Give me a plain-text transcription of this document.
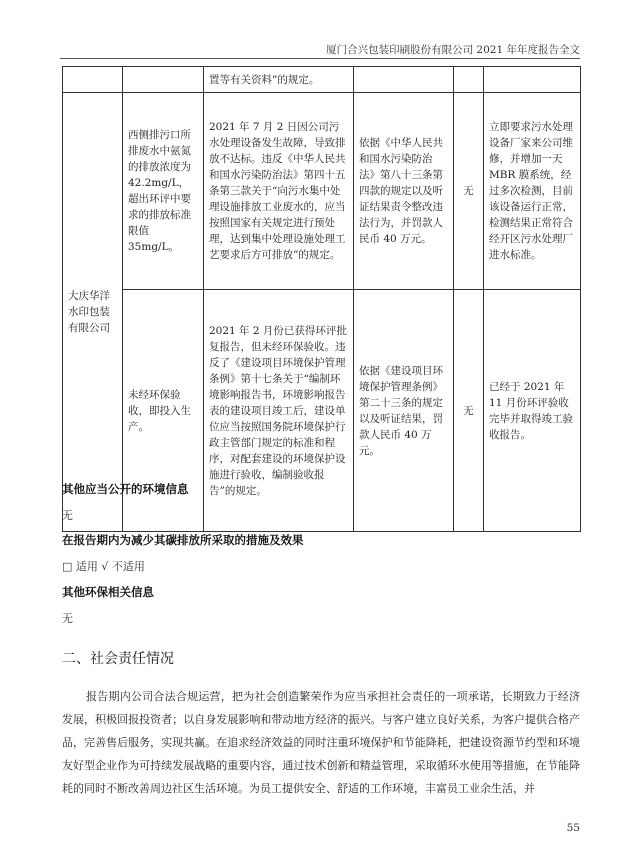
厦门合兴包装印刷股份有限公司 2021 年年度报告全文
		置等有关资料”的规定。			
大庆华洋水印包装有限公司	西侧排污口所排废水中氨氮的排放浓度为42.2mg/L，超出环评中要求的排放标准限值35mg/L。	2021 年 7 月 2 日因公司污水处理设备发生故障，导致排放不达标。违反《中华人民共和国水污染防治法》第四十五条第三款关于“向污水集中处理设施排放工业废水的，应当按照国家有关规定进行预处理，达到集中处理设施处理工艺要求后方可排放”的规定。	依据《中华人民共和国水污染防治法》第八十三条第四款的规定以及听证结果责令整改违法行为，并罚款人民币 40 万元。	无	立即要求污水处理设备厂家来公司维修，并增加一天 MBR 膜系统，经过多次检测，目前该设备运行正常，检测结果正常符合经开区污水处理厂进水标准。
	未经环保验收，即投入生产。	2021 年 2 月份已获得环评批复报告，但未经环保验收。违反了《建设项目环境保护管理条例》第十七条关于“编制环境影响报告书，环境影响报告表的建设项目竣工后，建设单位应当按照国务院环境保护行政主管部门规定的标准和程序，对配套建设的环境保护设施进行验收，编制验收报告”的规定。	依据《建设项目环境保护管理条例》第二十三条的规定以及听证结果，罚款人民币 40 万元。	无	已经于 2021 年 11 月份环评验收完毕并取得竣工验收报告。
其他应当公开的环境信息
无
在报告期内为减少其碳排放所采取的措施及效果
□ 适用 √ 不适用
其他环保相关信息
无
二、社会责任情况

报告期内公司合法合规运营，把为社会创造繁荣作为应当承担社会责任的一项承诺，长期致力于经济发展，积极回报投资者；以自身发展影响和带动地方经济的振兴。与客户建立良好关系，为客户提供合格产品，完善售后服务，实现共赢。在追求经济效益的同时注重环境保护和节能降耗，把建设资源节约型和环境友好型企业作为可持续发展战略的重要内容，通过技术创新和精益管理，采取循环水使用等措施，在节能降耗的同时不断改善周边社区生活环境。为员工提供安全、舒适的工作环境，丰富员工业余生活，并

55
